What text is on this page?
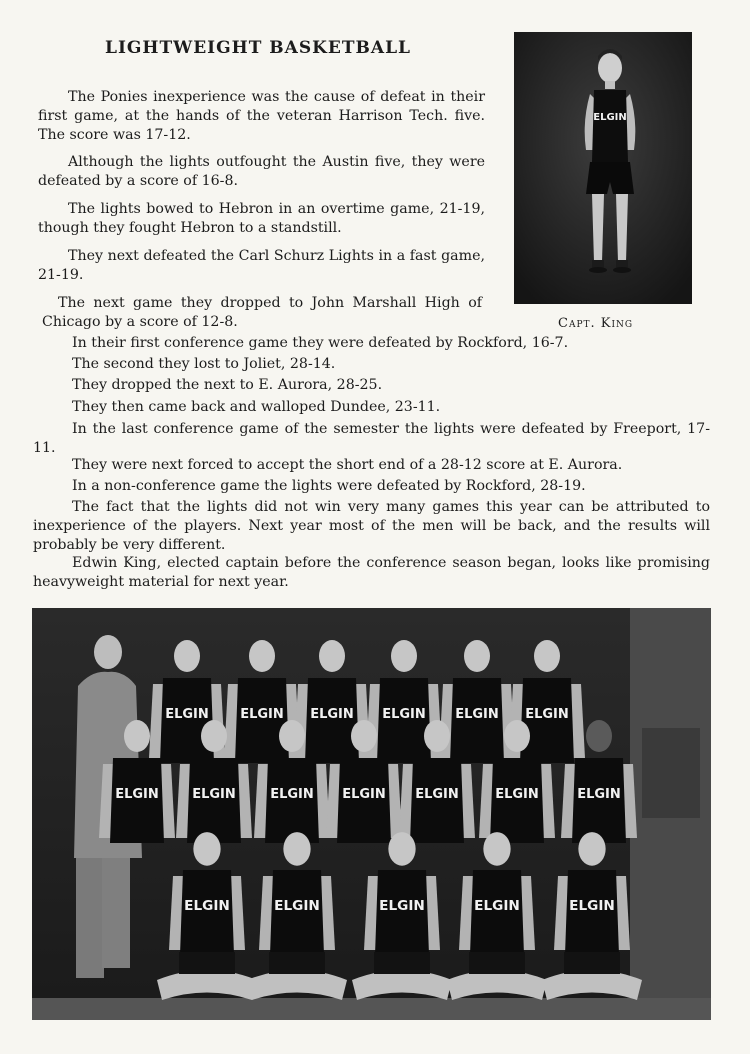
LIGHTWEIGHT BASKETBALL

The Ponies inexperience was the cause of defeat in their first game, at the hands of the veteran Harrison Tech. five. The score was 17-12.

Although the lights outfought the Austin five, they were defeated by a score of 16-8.

The lights bowed to Hebron in an overtime game, 21-19, though they fought Hebron to a standstill.

They next defeated the Carl Schurz Lights in a fast game, 21-19.

The next game they dropped to John Marshall High of Chicago by a score of 12-8.

In their first conference game they were defeated by Rockford, 16-7.
The second they lost to Joliet, 28-14.
They dropped the next to E. Aurora, 28-25.
They then came back and walloped Dundee, 23-11.

In the last conference game of the semester the lights were defeated by Freeport, 17-11.

They were next forced to accept the short end of a 28-12 score at E. Aurora.
In a non-conference game the lights were defeated by Rockford, 28-19.

The fact that the lights did not win very many games this year can be attributed to inexperience of the players. Next year most of the men will be back, and the results will probably be very different.

Edwin King, elected captain before the conference season began, looks like promising heavyweight material for next year.

ELGIN
Capt. King
ELGIN ELGIN ELGIN ELGIN ELGIN ELGIN
ELGIN	ELGIN	ELGIN ELGIN ELGIN	ELGIN	ELGIN
ELGIN	ELGIN	ELGIN	ELGIN	ELGIN
